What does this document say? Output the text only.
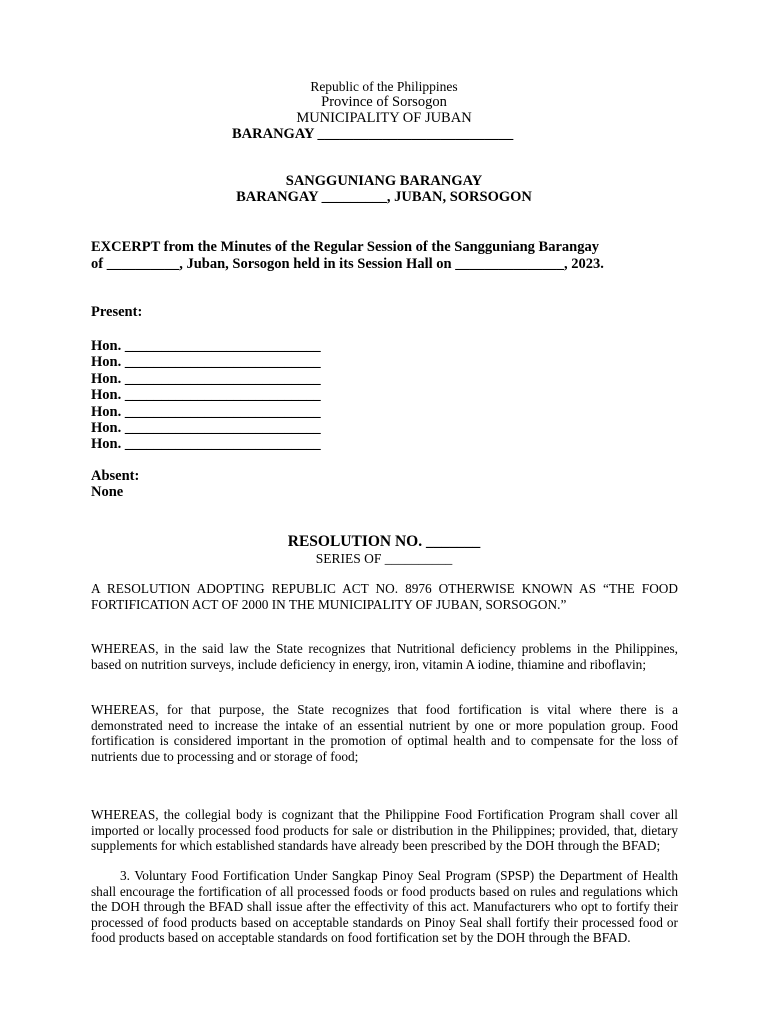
Republic of the Philippines
Province of Sorsogon
MUNICIPALITY OF JUBAN
BARANGAY ___________________________
SANGGUNIANG BARANGAY
BARANGAY _________, JUBAN, SORSOGON
EXCERPT from the Minutes of the Regular Session of the Sangguniang Barangay
of __________, Juban, Sorsogon held in its Session Hall on _______________, 2023.
Present:
Hon. ___________________________
Hon. ___________________________
Hon. ___________________________
Hon. ___________________________
Hon. ___________________________
Hon. ___________________________
Hon. ___________________________
Absent:
None
RESOLUTION NO. _______
SERIES OF __________
A RESOLUTION ADOPTING REPUBLIC ACT NO. 8976 OTHERWISE KNOWN AS “THE FOOD FORTIFICATION ACT OF 2000 IN THE MUNICIPALITY OF JUBAN, SORSOGON.”
WHEREAS, in the said law the State recognizes that Nutritional deficiency problems in the Philippines, based on nutrition surveys, include deficiency in energy, iron, vitamin A iodine, thiamine and riboflavin;
WHEREAS, for that purpose, the State recognizes that food fortification is vital where there is a demonstrated need to increase the intake of an essential nutrient by one or more population group. Food fortification is considered important in the promotion of optimal health and to compensate for the loss of nutrients due to processing and or storage of food;
WHEREAS, the collegial body is cognizant that the Philippine Food Fortification Program shall cover all imported or locally processed food products for sale or distribution in the Philippines; provided, that, dietary supplements for which established standards have already been prescribed by the DOH through the BFAD;
3. Voluntary Food Fortification Under Sangkap Pinoy Seal Program (SPSP) the Department of Health shall encourage the fortification of all processed foods or food products based on rules and regulations which the DOH through the BFAD shall issue after the effectivity of this act. Manufacturers who opt to fortify their processed of food products based on acceptable standards on Pinoy Seal shall fortify their processed food or food products based on acceptable standards on food fortification set by the DOH through the BFAD.
